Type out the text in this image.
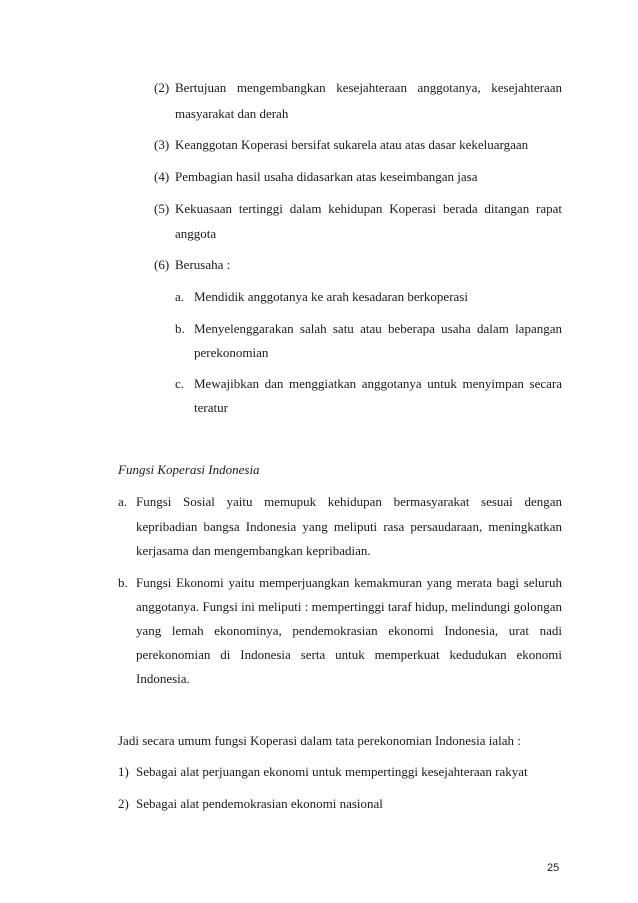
(2) Bertujuan mengembangkan kesejahteraan anggotanya, kesejahteraan
masyarakat dan derah
(3) Keanggotan Koperasi bersifat sukarela atau atas dasar kekeluargaan
(4) Pembagian hasil usaha didasarkan atas keseimbangan jasa
(5) Kekuasaan tertinggi dalam kehidupan Koperasi berada ditangan rapat
anggota
(6) Berusaha :
a. Mendidik anggotanya ke arah kesadaran berkoperasi
b. Menyelenggarakan salah satu atau beberapa usaha dalam lapangan
perekonomian
c. Mewajibkan dan menggiatkan anggotanya untuk menyimpan secara
teratur
Fungsi Koperasi Indonesia
a. Fungsi Sosial yaitu memupuk kehidupan bermasyarakat sesuai dengan
kepribadian bangsa Indonesia yang meliputi rasa persaudaraan, meningkatkan
kerjasama dan mengembangkan kepribadian.
b. Fungsi Ekonomi yaitu memperjuangkan kemakmuran yang merata bagi seluruh
anggotanya. Fungsi ini meliputi : mempertinggi taraf hidup, melindungi golongan
yang lemah ekonominya, pendemokrasian ekonomi Indonesia, urat nadi
perekonomian di Indonesia serta untuk memperkuat kedudukan ekonomi
Indonesia.
Jadi secara umum fungsi Koperasi dalam tata perekonomian Indonesia ialah :
1) Sebagai alat perjuangan ekonomi untuk mempertinggi kesejahteraan rakyat
2) Sebagai alat pendemokrasian ekonomi nasional
25
